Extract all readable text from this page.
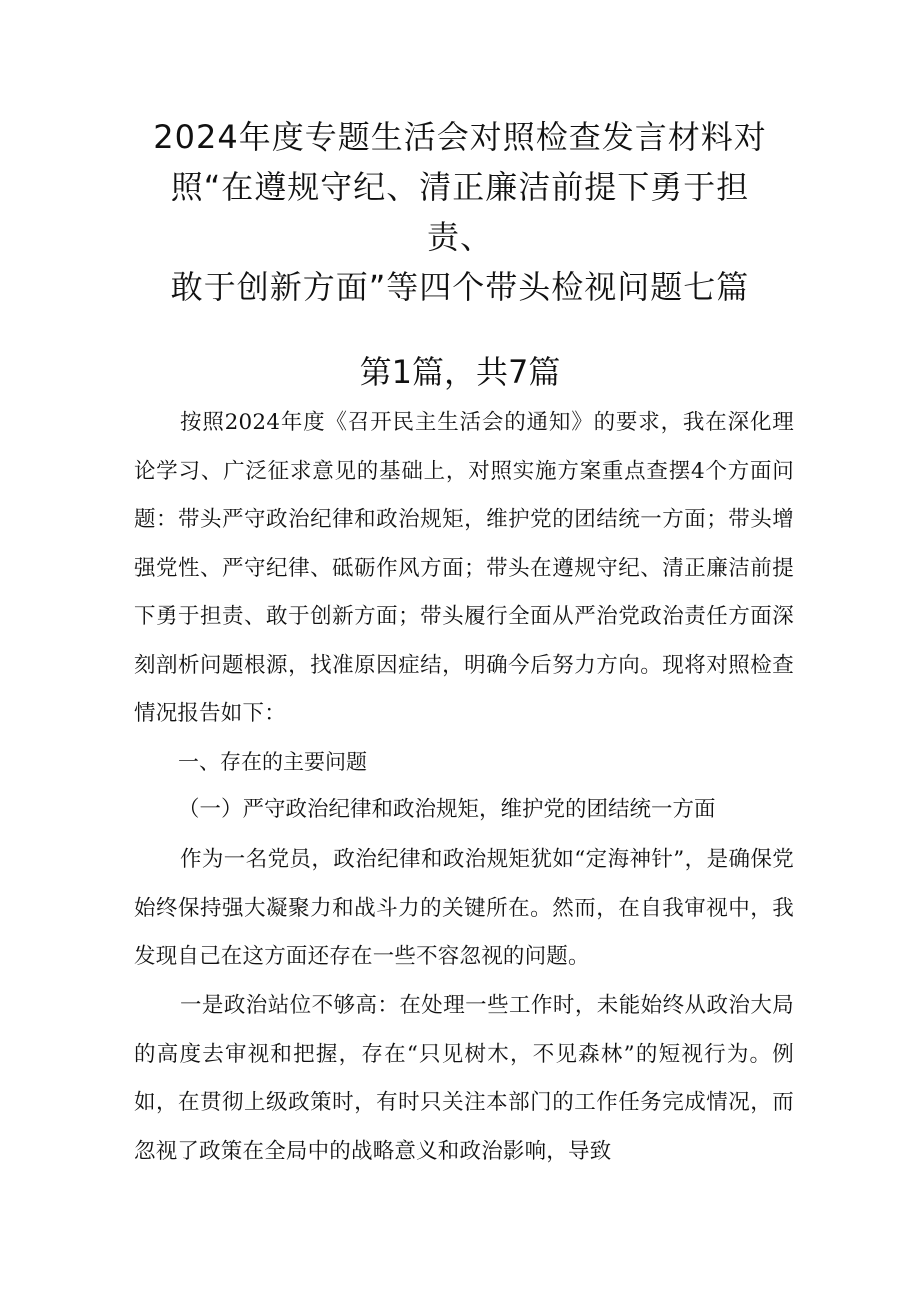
2024年度专题生活会对照检查发言材料对
照“在遵规守纪、清正廉洁前提下勇于担
责、
敢于创新方面”等四个带头检视问题七篇
第1篇，共7篇
按照2024年度《召开民主生活会的通知》的要求，我在深化理论学习、广泛征求意见的基础上，对照实施方案重点查摆4个方面问题：带头严守政治纪律和政治规矩，维护党的团结统一方面；带头增强党性、严守纪律、砥砺作风方面；带头在遵规守纪、清正廉洁前提下勇于担责、敢于创新方面；带头履行全面从严治党政治责任方面深刻剖析问题根源，找准原因症结，明确今后努力方向。现将对照检查情况报告如下：
一、存在的主要问题
（一）严守政治纪律和政治规矩，维护党的团结统一方面
作为一名党员，政治纪律和政治规矩犹如“定海神针”，是确保党始终保持强大凝聚力和战斗力的关键所在。然而，在自我审视中，我发现自己在这方面还存在一些不容忽视的问题。
一是政治站位不够高：在处理一些工作时，未能始终从政治大局的高度去审视和把握，存在“只见树木，不见森林”的短视行为。例如，在贯彻上级政策时，有时只关注本部门的工作任务完成情况，而忽视了政策在全局中的战略意义和政治影响，导致
